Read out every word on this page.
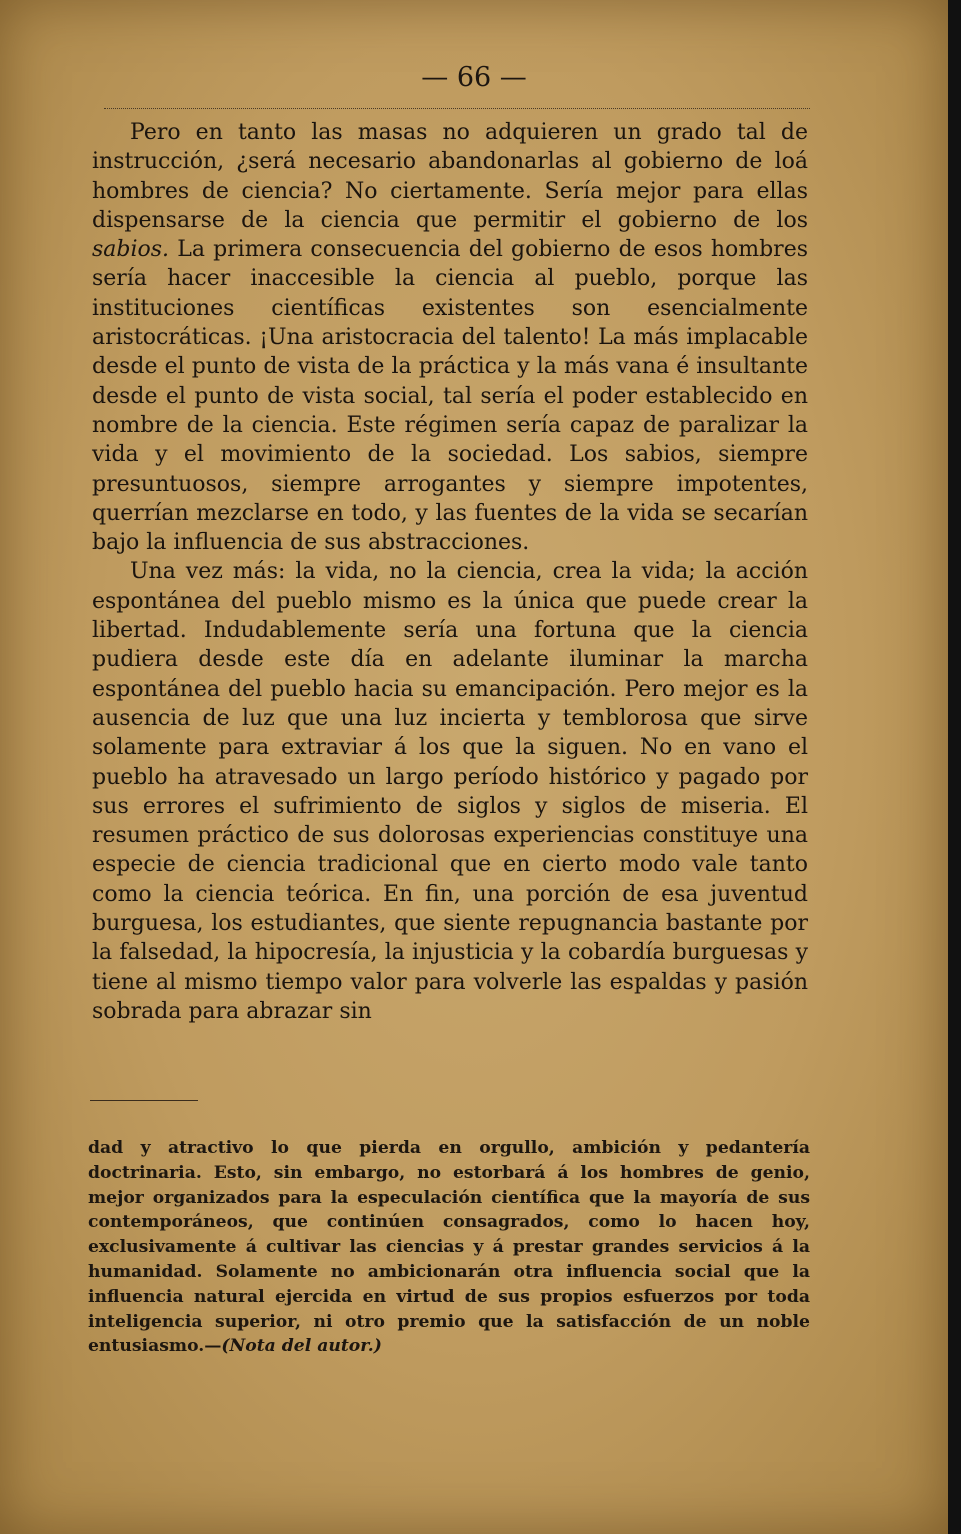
— 66 —

Pero en tanto las masas no adquieren un grado tal de instrucción, ¿será necesario abandonarlas al gobierno de loá hombres de ciencia? No ciertamente. Sería mejor para ellas dispensarse de la ciencia que permitir el gobierno de los sabios. La primera consecuencia del gobierno de esos hombres sería hacer inaccesible la ciencia al pueblo, porque las instituciones científicas existentes son esencialmente aristocráticas. ¡Una aristocracia del talento! La más implacable desde el punto de vista de la práctica y la más vana é insultante desde el punto de vista social, tal sería el poder establecido en nombre de la ciencia. Este régimen sería capaz de paralizar la vida y el movimiento de la sociedad. Los sabios, siempre presuntuosos, siempre arrogantes y siempre impotentes, querrían mezclarse en todo, y las fuentes de la vida se secarían bajo la influencia de sus abstracciones.

Una vez más: la vida, no la ciencia, crea la vida; la acción espontánea del pueblo mismo es la única que puede crear la libertad. Indudablemente sería una fortuna que la ciencia pudiera desde este día en adelante iluminar la marcha espontánea del pueblo hacia su emancipación. Pero mejor es la ausencia de luz que una luz incierta y temblorosa que sirve solamente para extraviar á los que la siguen. No en vano el pueblo ha atravesado un largo período histórico y pagado por sus errores el sufrimiento de siglos y siglos de miseria. El resumen práctico de sus dolorosas experiencias constituye una especie de ciencia tradicional que en cierto modo vale tanto como la ciencia teórica. En fin, una porción de esa juventud burguesa, los estudiantes, que siente repugnancia bastante por la falsedad, la hipocresía, la injusticia y la cobardía burguesas y tiene al mismo tiempo valor para volverle las espaldas y pasión sobrada para abrazar sin

dad y atractivo lo que pierda en orgullo, ambición y pedantería doctrinaria. Esto, sin embargo, no estorbará á los hombres de genio, mejor organizados para la especulación científica que la mayoría de sus contemporáneos, que continúen consagrados, como lo hacen hoy, exclusivamente á cultivar las ciencias y á prestar grandes servicios á la humanidad. Solamente no ambicionarán otra influencia social que la influencia natural ejercida en virtud de sus propios esfuerzos por toda inteligencia superior, ni otro premio que la satisfacción de un noble entusiasmo.—(Nota del autor.)
